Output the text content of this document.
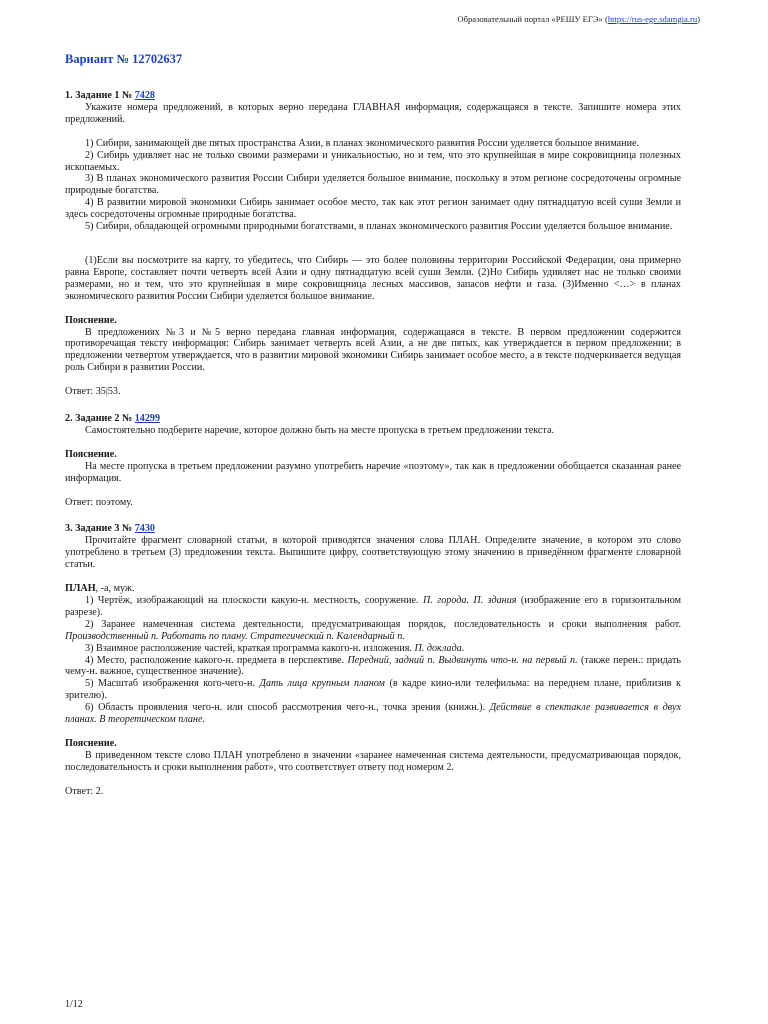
Образовательный портал «РЕШУ ЕГЭ» (https://rus-ege.sdamgia.ru)
Вариант № 12702637

1. Задание 1 № 7428

Укажите номера предложений, в которых верно передана ГЛАВНАЯ информация, содержащаяся в тексте. Запишите номера этих предложений.

1) Сибири, занимающей две пятых пространства Азии, в планах экономического развития России уделяется большое внимание.

2) Сибирь удивляет нас не только своими размерами и уникальностью, но и тем, что это крупнейшая в мире сокровищница полезных ископаемых.

3) В планах экономического развития России Сибири уделяется большое внимание, поскольку в этом регионе сосредоточены огромные природные богатства.

4) В развитии мировой экономики Сибирь занимает особое место, так как этот регион занимает одну пятнадцатую всей суши Земли и здесь сосредоточены огромные природные богатства.

5) Сибири, обладающей огромными природными богатствами, в планах экономического развития России уделяется большое внимание.

(1)Если вы посмотрите на карту, то убедитесь, что Сибирь — это более половины территории Российской Федерации, она примерно равна Европе, составляет почти четверть всей Азии и одну пятнадцатую всей суши Земли. (2)Но Сибирь удивляет нас не только своими размерами, но и тем, что это крупнейшая в мире сокровищница лесных массивов, запасов нефти и газа. (3)Именно <…> в планах экономического развития России Сибири уделяется большое внимание.

Пояснение.

В предложениях №3 и №5 верно передана главная информация, содержащаяся в тексте. В первом предложении содержится противоречащая тексту информация: Сибирь занимает четверть всей Азии, а не две пятых, как утверждается в первом предложении; в предложении четвертом утверждается, что в развитии мировой экономики Сибирь занимает особое место, а в тексте подчеркивается ведущая роль Сибири в развитии России.

Ответ: 35|53.

2. Задание 2 № 14299

Самостоятельно подберите наречие, которое должно быть на месте пропуска в третьем предложении текста.

Пояснение.

На месте пропуска в третьем предложении разумно употребить наречие «поэтому», так как в предложении обобщается сказанная ранее информация.

Ответ: поэтому.

3. Задание 3 № 7430

Прочитайте фрагмент словарной статьи, в которой приводятся значения слова ПЛАН. Определите значение, в котором это слово употреблено в третьем (3) предложении текста. Выпишите цифру, соответствующую этому значению в приведённом фрагменте словарной статьи.

ПЛАН, -а, муж.

1) Чертёж, изображающий на плоскости какую-н. местность, сооружение. П. города. П. здания (изображение его в горизонтальном разрезе).

2) Заранее намеченная система деятельности, предусматривающая порядок, последовательность и сроки выполнения работ. Производственный п. Работать по плану. Стратегический п. Календарный п.

3) Взаимное расположение частей, краткая программа какого-н. изложения. П. доклада.

4) Место, расположение какого-н. предмета в перспективе. Передний, задний п. Выдвинуть что-н. на первый п. (также перен.: придать чему-н. важное, существенное значение).

5) Масштаб изображения кого-чего-н. Дать лица крупным планом (в кадре кино-или телефильма: на переднем плане, приблизив к зрителю).

6) Область проявления чего-н. или способ рассмотрения чего-н., точка зрения (книжн.). Действие в спектакле развивается в двух планах. В теоретическом плане.

Пояснение.

В приведенном тексте слово ПЛАН употреблено в значении «заранее намеченная система деятельности, предусматривающая порядок, последовательность и сроки выполнения работ», что соответствует ответу под номером 2.

Ответ: 2.

1/12
